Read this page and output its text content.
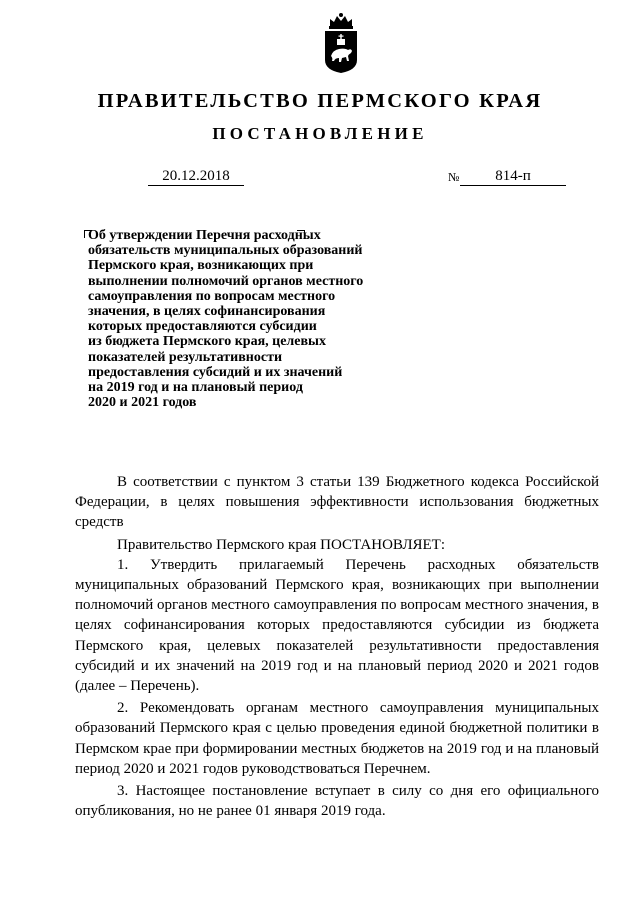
ПРАВИТЕЛЬСТВО ПЕРМСКОГО КРАЯ
ПОСТАНОВЛЕНИЕ
20.12.2018	№	814-п
Об утверждении Перечня расходных
обязательств муниципальных образований
Пермского края, возникающих при
выполнении полномочий органов местного
самоуправления по вопросам местного
значения, в целях софинансирования
которых предоставляются субсидии
из бюджета Пермского края, целевых
показателей результативности
предоставления субсидий и их значений
на 2019 год и на плановый период
2020 и 2021 годов

В соответствии с пунктом 3 статьи 139 Бюджетного кодекса Российской Федерации, в целях повышения эффективности использования бюджетных средств

Правительство Пермского края ПОСТАНОВЛЯЕТ:

1. Утвердить прилагаемый Перечень расходных обязательств муниципальных образований Пермского края, возникающих при выполнении полномочий органов местного самоуправления по вопросам местного значения, в целях софинансирования которых предоставляются субсидии из бюджета Пермского края, целевых показателей результативности предоставления субсидий и их значений на 2019 год и на плановый период 2020 и 2021 годов (далее – Перечень).

2. Рекомендовать органам местного самоуправления муниципальных образований Пермского края с целью проведения единой бюджетной политики в Пермском крае при формировании местных бюджетов на 2019 год и на плановый период 2020 и 2021 годов руководствоваться Перечнем.

3. Настоящее постановление вступает в силу со дня его официального опубликования, но не ранее 01 января 2019 года.
